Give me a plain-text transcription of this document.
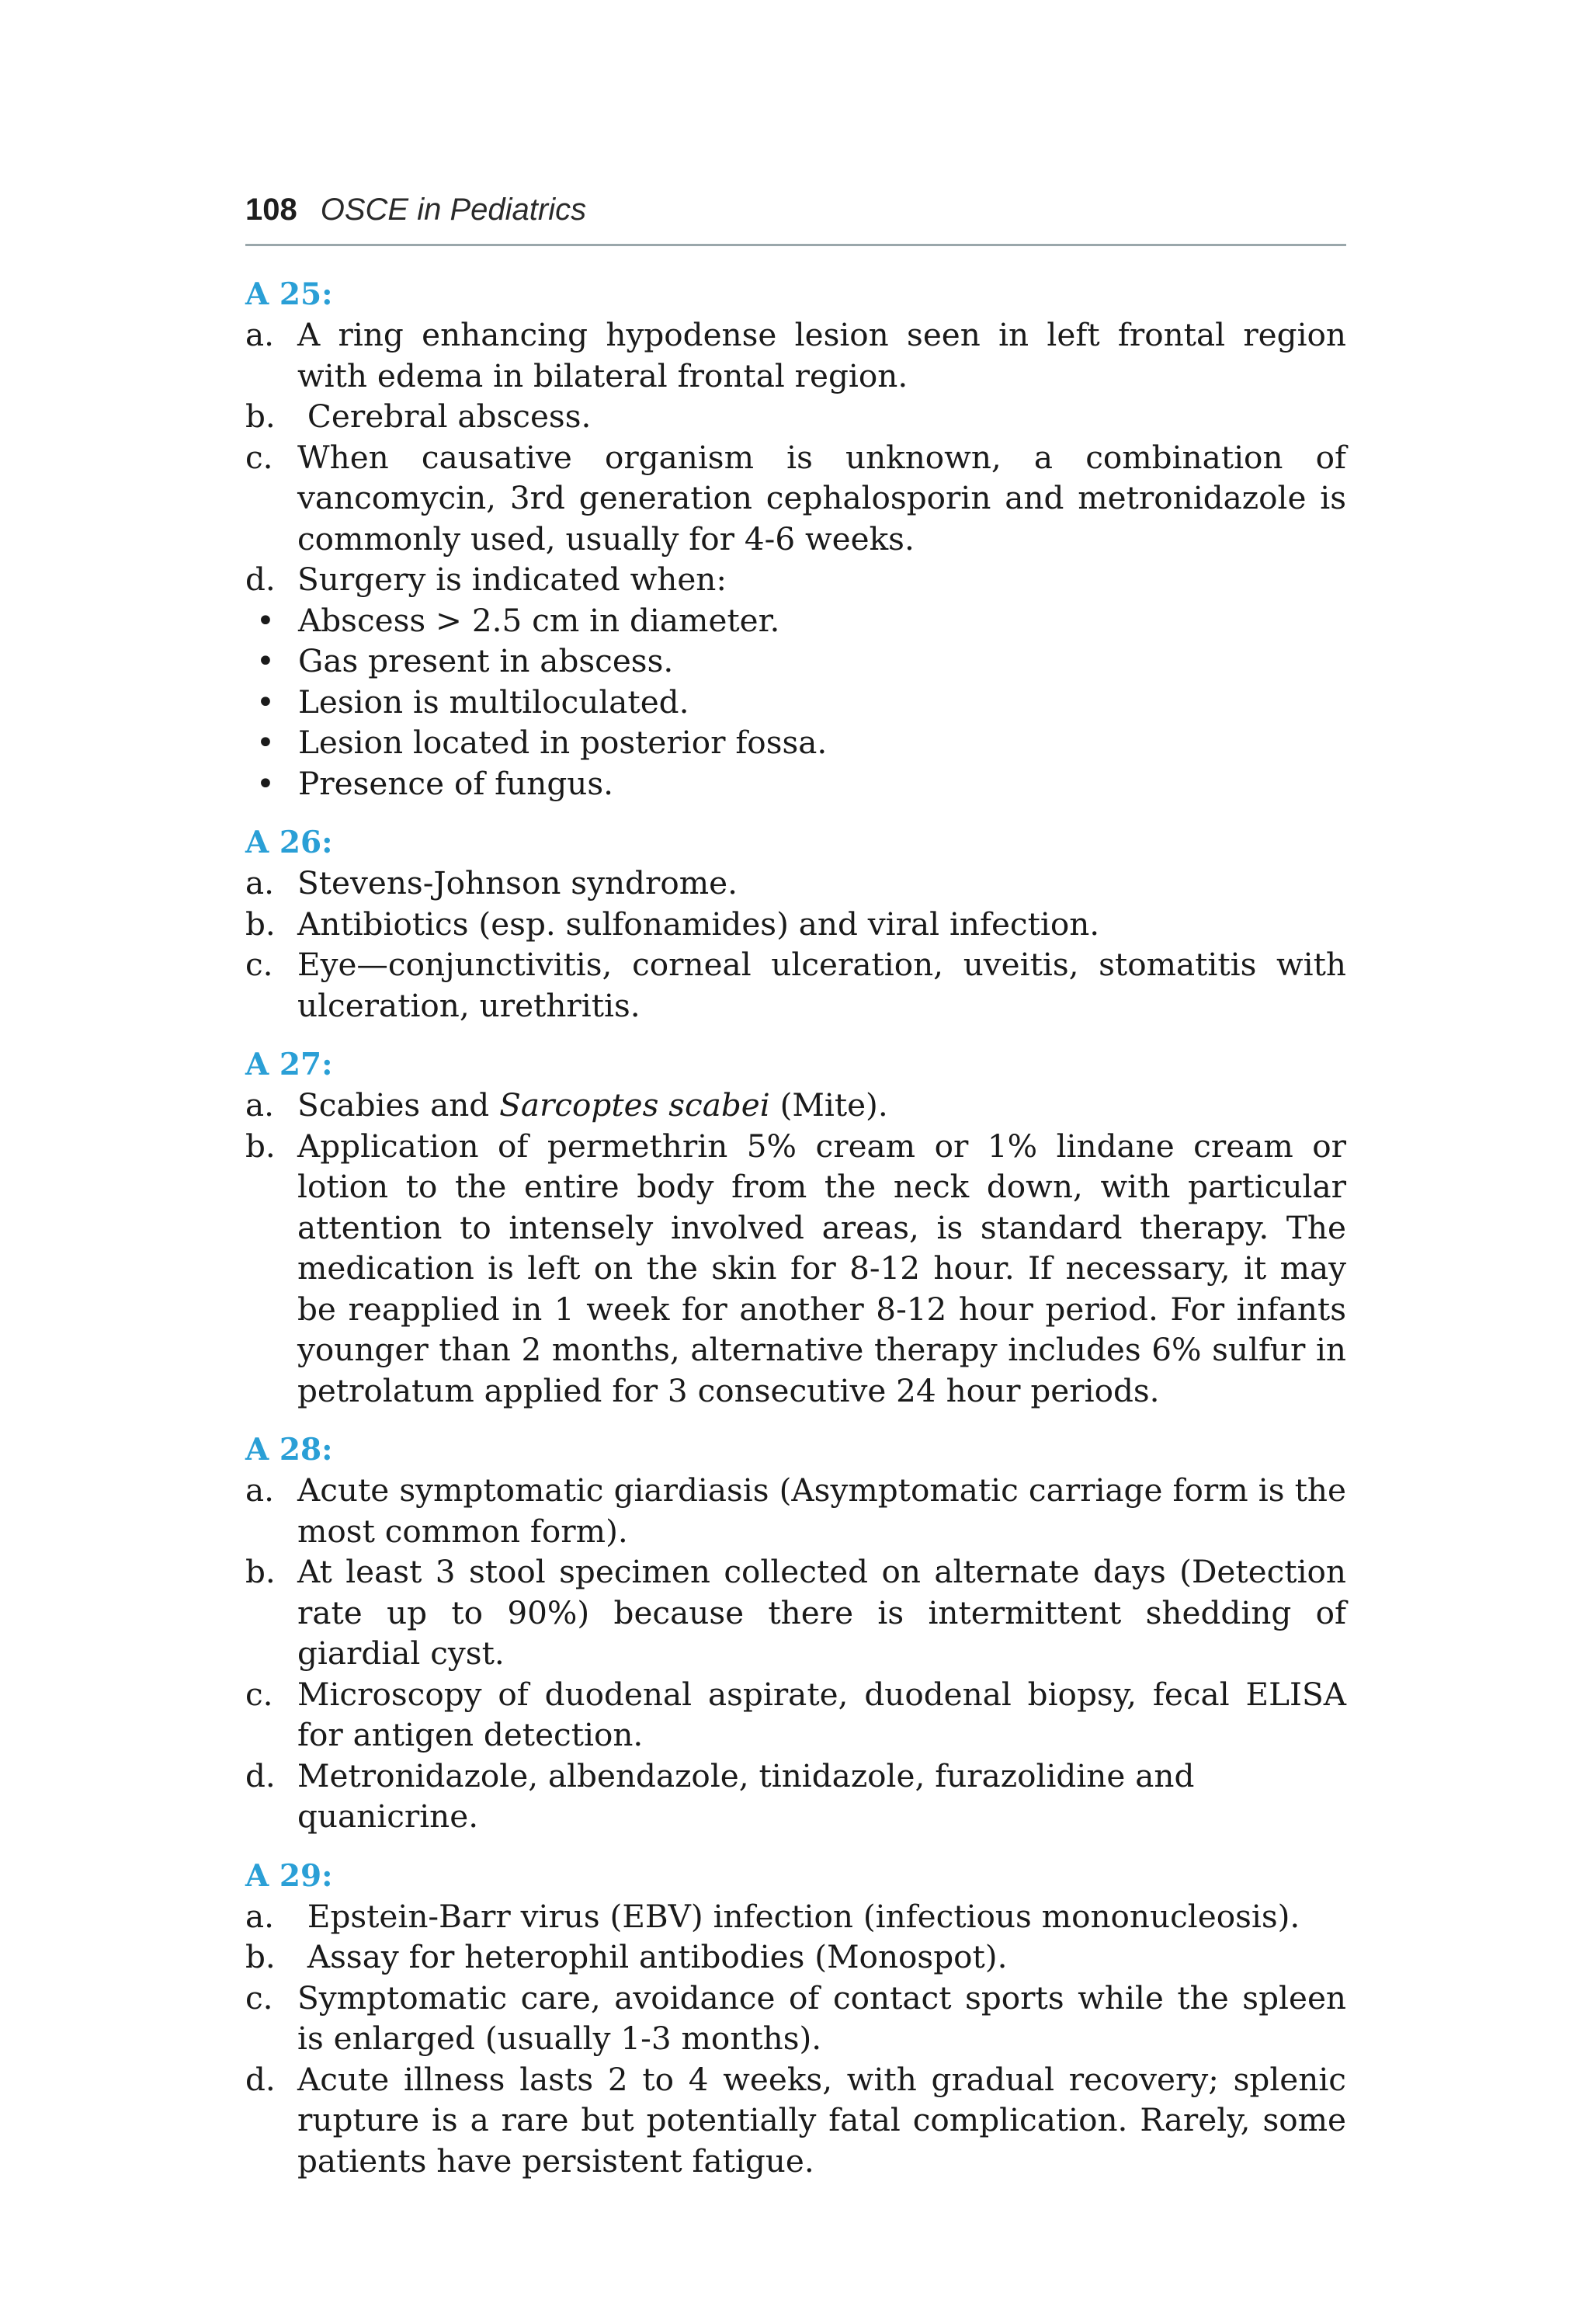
108 OSCE in Pediatrics

A 25:

a. A ring enhancing hypodense lesion seen in left frontal region with edema in bilateral frontal region.
b. Cerebral abscess.
c. When causative organism is unknown, a combination of vancomycin, 3rd generation cephalosporin and metronidazole is commonly used, usually for 4-6 weeks.
d. Surgery is indicated when:
• Abscess > 2.5 cm in diameter.
• Gas present in abscess.
• Lesion is multiloculated.
• Lesion located in posterior fossa.
• Presence of fungus.

A 26:

a. Stevens-Johnson syndrome.
b. Antibiotics (esp. sulfonamides) and viral infection.
c. Eye—conjunctivitis, corneal ulceration, uveitis, stomatitis with ulceration, urethritis.

A 27:

a. Scabies and Sarcoptes scabei (Mite).
b. Application of permethrin 5% cream or 1% lindane cream or lotion to the entire body from the neck down, with particular attention to intensely involved areas, is standard therapy. The medication is left on the skin for 8-12 hour. If necessary, it may be reapplied in 1 week for another 8-12 hour period. For infants younger than 2 months, alternative therapy includes 6% sulfur in petrolatum applied for 3 consecutive 24 hour periods.

A 28:

a. Acute symptomatic giardiasis (Asymptomatic carriage form is the most common form).
b. At least 3 stool specimen collected on alternate days (Detection rate up to 90%) because there is intermittent shedding of giardial cyst.
c. Microscopy of duodenal aspirate, duodenal biopsy, fecal ELISA for antigen detection.
d. Metronidazole, albendazole, tinidazole, furazolidine and quanicrine.

A 29:

a. Epstein-Barr virus (EBV) infection (infectious mononucleosis).
b. Assay for heterophil antibodies (Monospot).
c. Symptomatic care, avoidance of contact sports while the spleen is enlarged (usually 1-3 months).
d. Acute illness lasts 2 to 4 weeks, with gradual recovery; splenic rupture is a rare but potentially fatal complication. Rarely, some patients have persistent fatigue.
